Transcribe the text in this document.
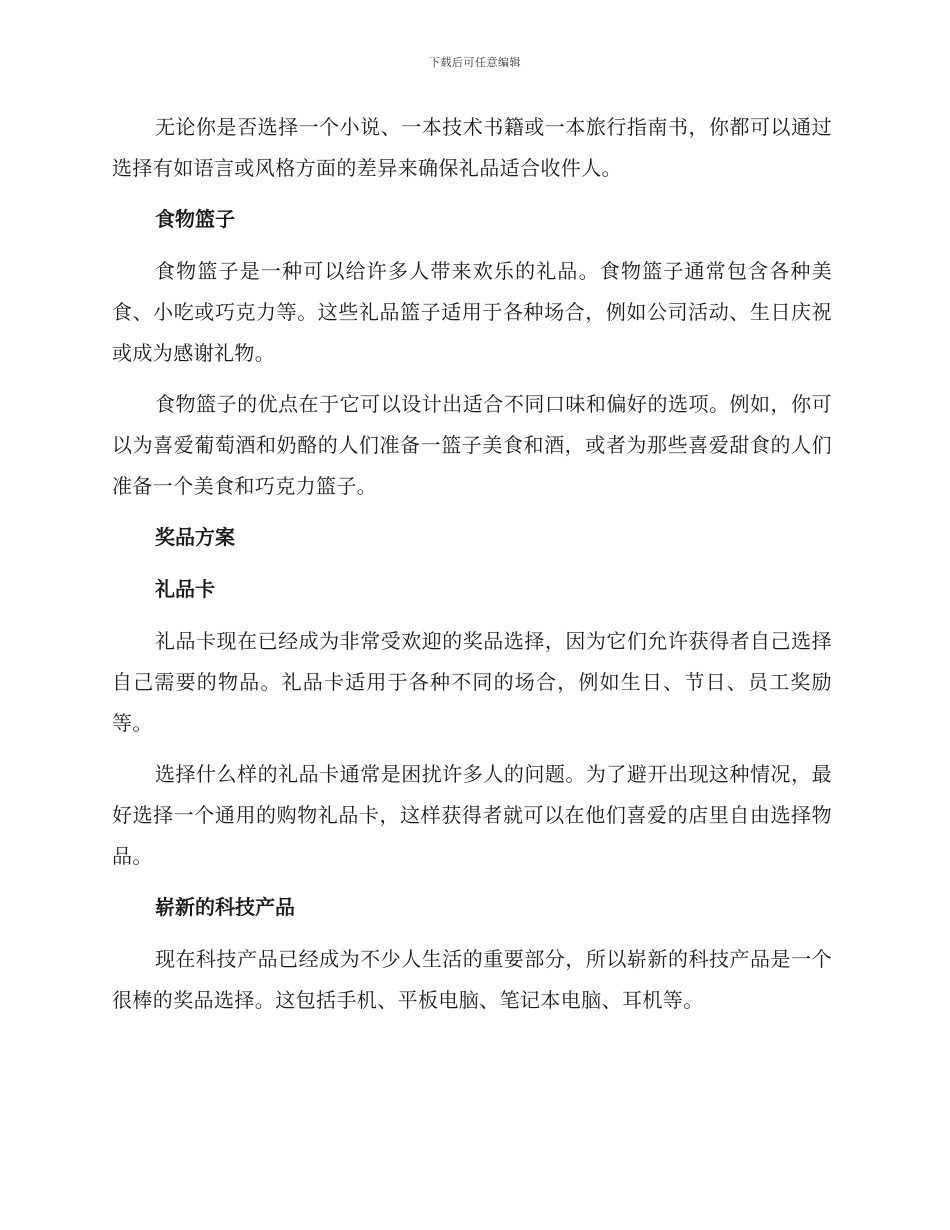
下载后可任意编辑

无论你是否选择一个小说、一本技术书籍或一本旅行指南书，你都可以通过选择有如语言或风格方面的差异来确保礼品适合收件人。

食物篮子

食物篮子是一种可以给许多人带来欢乐的礼品。食物篮子通常包含各种美食、小吃或巧克力等。这些礼品篮子适用于各种场合，例如公司活动、生日庆祝或成为感谢礼物。

食物篮子的优点在于它可以设计出适合不同口味和偏好的选项。例如，你可以为喜爱葡萄酒和奶酪的人们准备一篮子美食和酒，或者为那些喜爱甜食的人们准备一个美食和巧克力篮子。

奖品方案
礼品卡

礼品卡现在已经成为非常受欢迎的奖品选择，因为它们允许获得者自己选择自己需要的物品。礼品卡适用于各种不同的场合，例如生日、节日、员工奖励等。

选择什么样的礼品卡通常是困扰许多人的问题。为了避开出现这种情况，最好选择一个通用的购物礼品卡，这样获得者就可以在他们喜爱的店里自由选择物品。

崭新的科技产品

现在科技产品已经成为不少人生活的重要部分，所以崭新的科技产品是一个很棒的奖品选择。这包括手机、平板电脑、笔记本电脑、耳机等。
